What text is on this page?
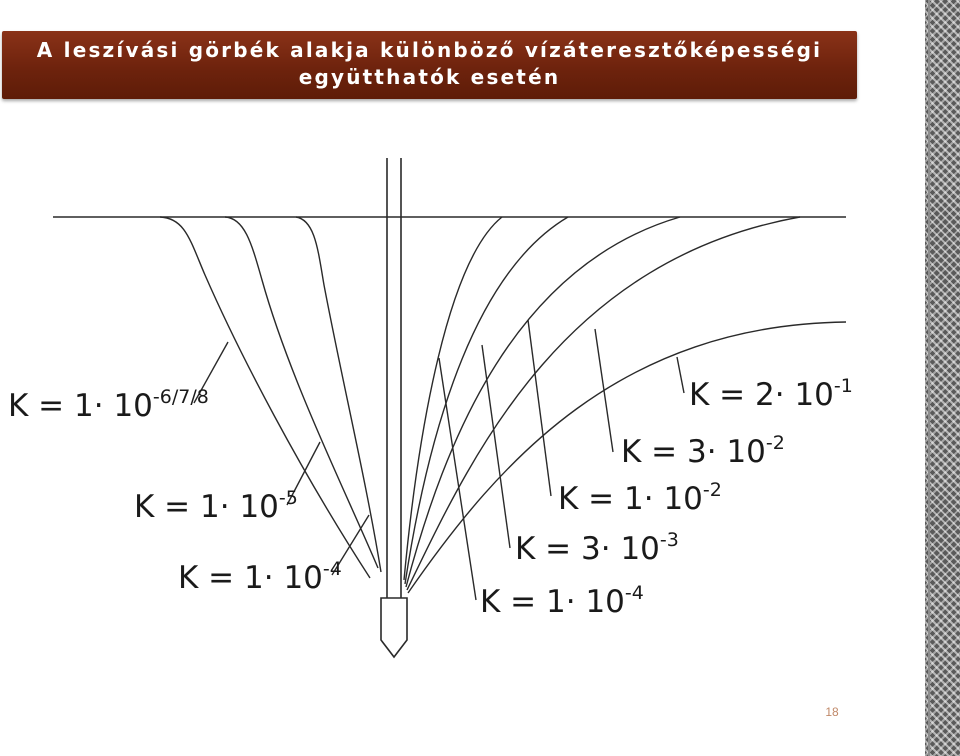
A leszívási görbék alakja különböző vízáteresztőképességi
együtthatók esetén
$K = 1\cdot 10^{-6/7/8}$
$K = 1\cdot 10^{-5}$
$K = 1\cdot 10^{-4}$
$K = 2\cdot 10^{-1}$
$K = 3\cdot 10^{-2}$
$K = 1\cdot 10^{-2}$
$K = 3\cdot 10^{-3}$
$K = 1\cdot 10^{-4}$
18
